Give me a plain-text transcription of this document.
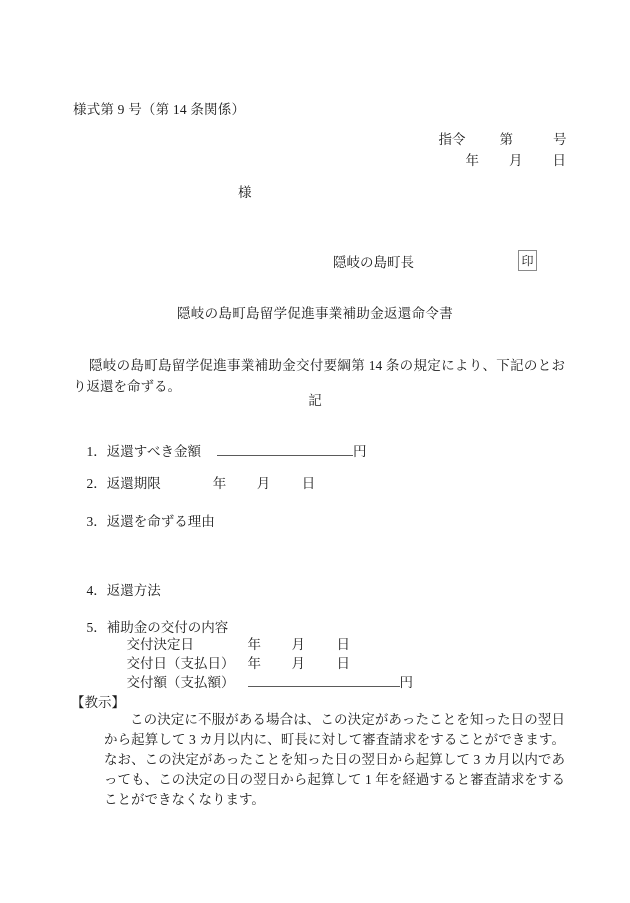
様式第 9 号（第 14 条関係）

指令	第	号

年 月 日

様
隠岐の島町長	印
隠岐の島町島留学促進事業補助金返還命令書
隠岐の島町島留学促進事業補助金交付要綱第 14 条の規定により、下記のとおり返還を命ずる。
記

1．返還すべき金額	円

2．返還期限	年 月 日

3．返還を命ずる理由

4．返還方法

5．補助金の交付の内容

交付決定日	年 月 日

交付日（支払日） 年 月 日

交付額（支払額）	円

【教示】
この決定に不服がある場合は、この決定があったことを知った日の翌日から起算して 3 カ月以内に、町長に対して審査請求をすることができます。なお、この決定があったことを知った日の翌日から起算して 3 カ月以内であっても、この決定の日の翌日から起算して 1 年を経過すると審査請求をすることができなくなります。
